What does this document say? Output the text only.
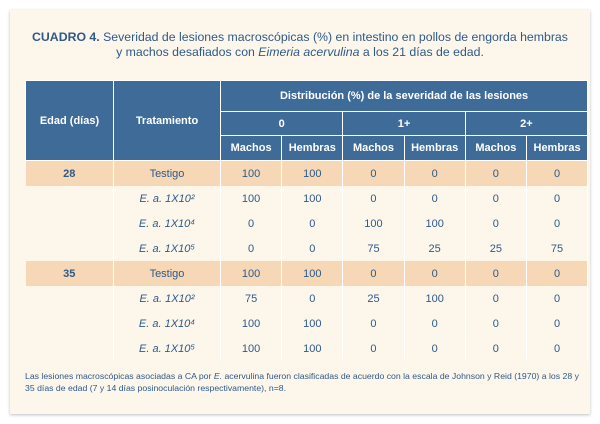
CUADRO 4. Severidad de lesiones macroscópicas (%) en intestino en pollos de engorda hembras
y machos desafiados con Eimeria acervulina a los 21 días de edad.
Edad (días)	Tratamiento	Distribución (%) de la severidad de las lesiones					
		0		1+		2+	
		Machos	Hembras	Machos	Hembras	Machos	Hembras
28	Testigo	100	100	0	0	0	0
	E. a. 1X10²	100	100	0	0	0	0
	E. a. 1X10⁴	0	0	100	100	0	0
	E. a. 1X10⁵	0	0	75	25	25	75
35	Testigo	100	100	0	0	0	0
	E. a. 1X10²	75	0	25	100	0	0
	E. a. 1X10⁴	100	100	0	0	0	0
	E. a. 1X10⁵	100	100	0	0	0	0
Las lesiones macroscópicas asociadas a CA por E. acervulina fueron clasificadas de acuerdo con la escala de Johnson y Reid (1970) a los 28 y 35 días de edad (7 y 14 días posinoculación respectivamente), n=8.
